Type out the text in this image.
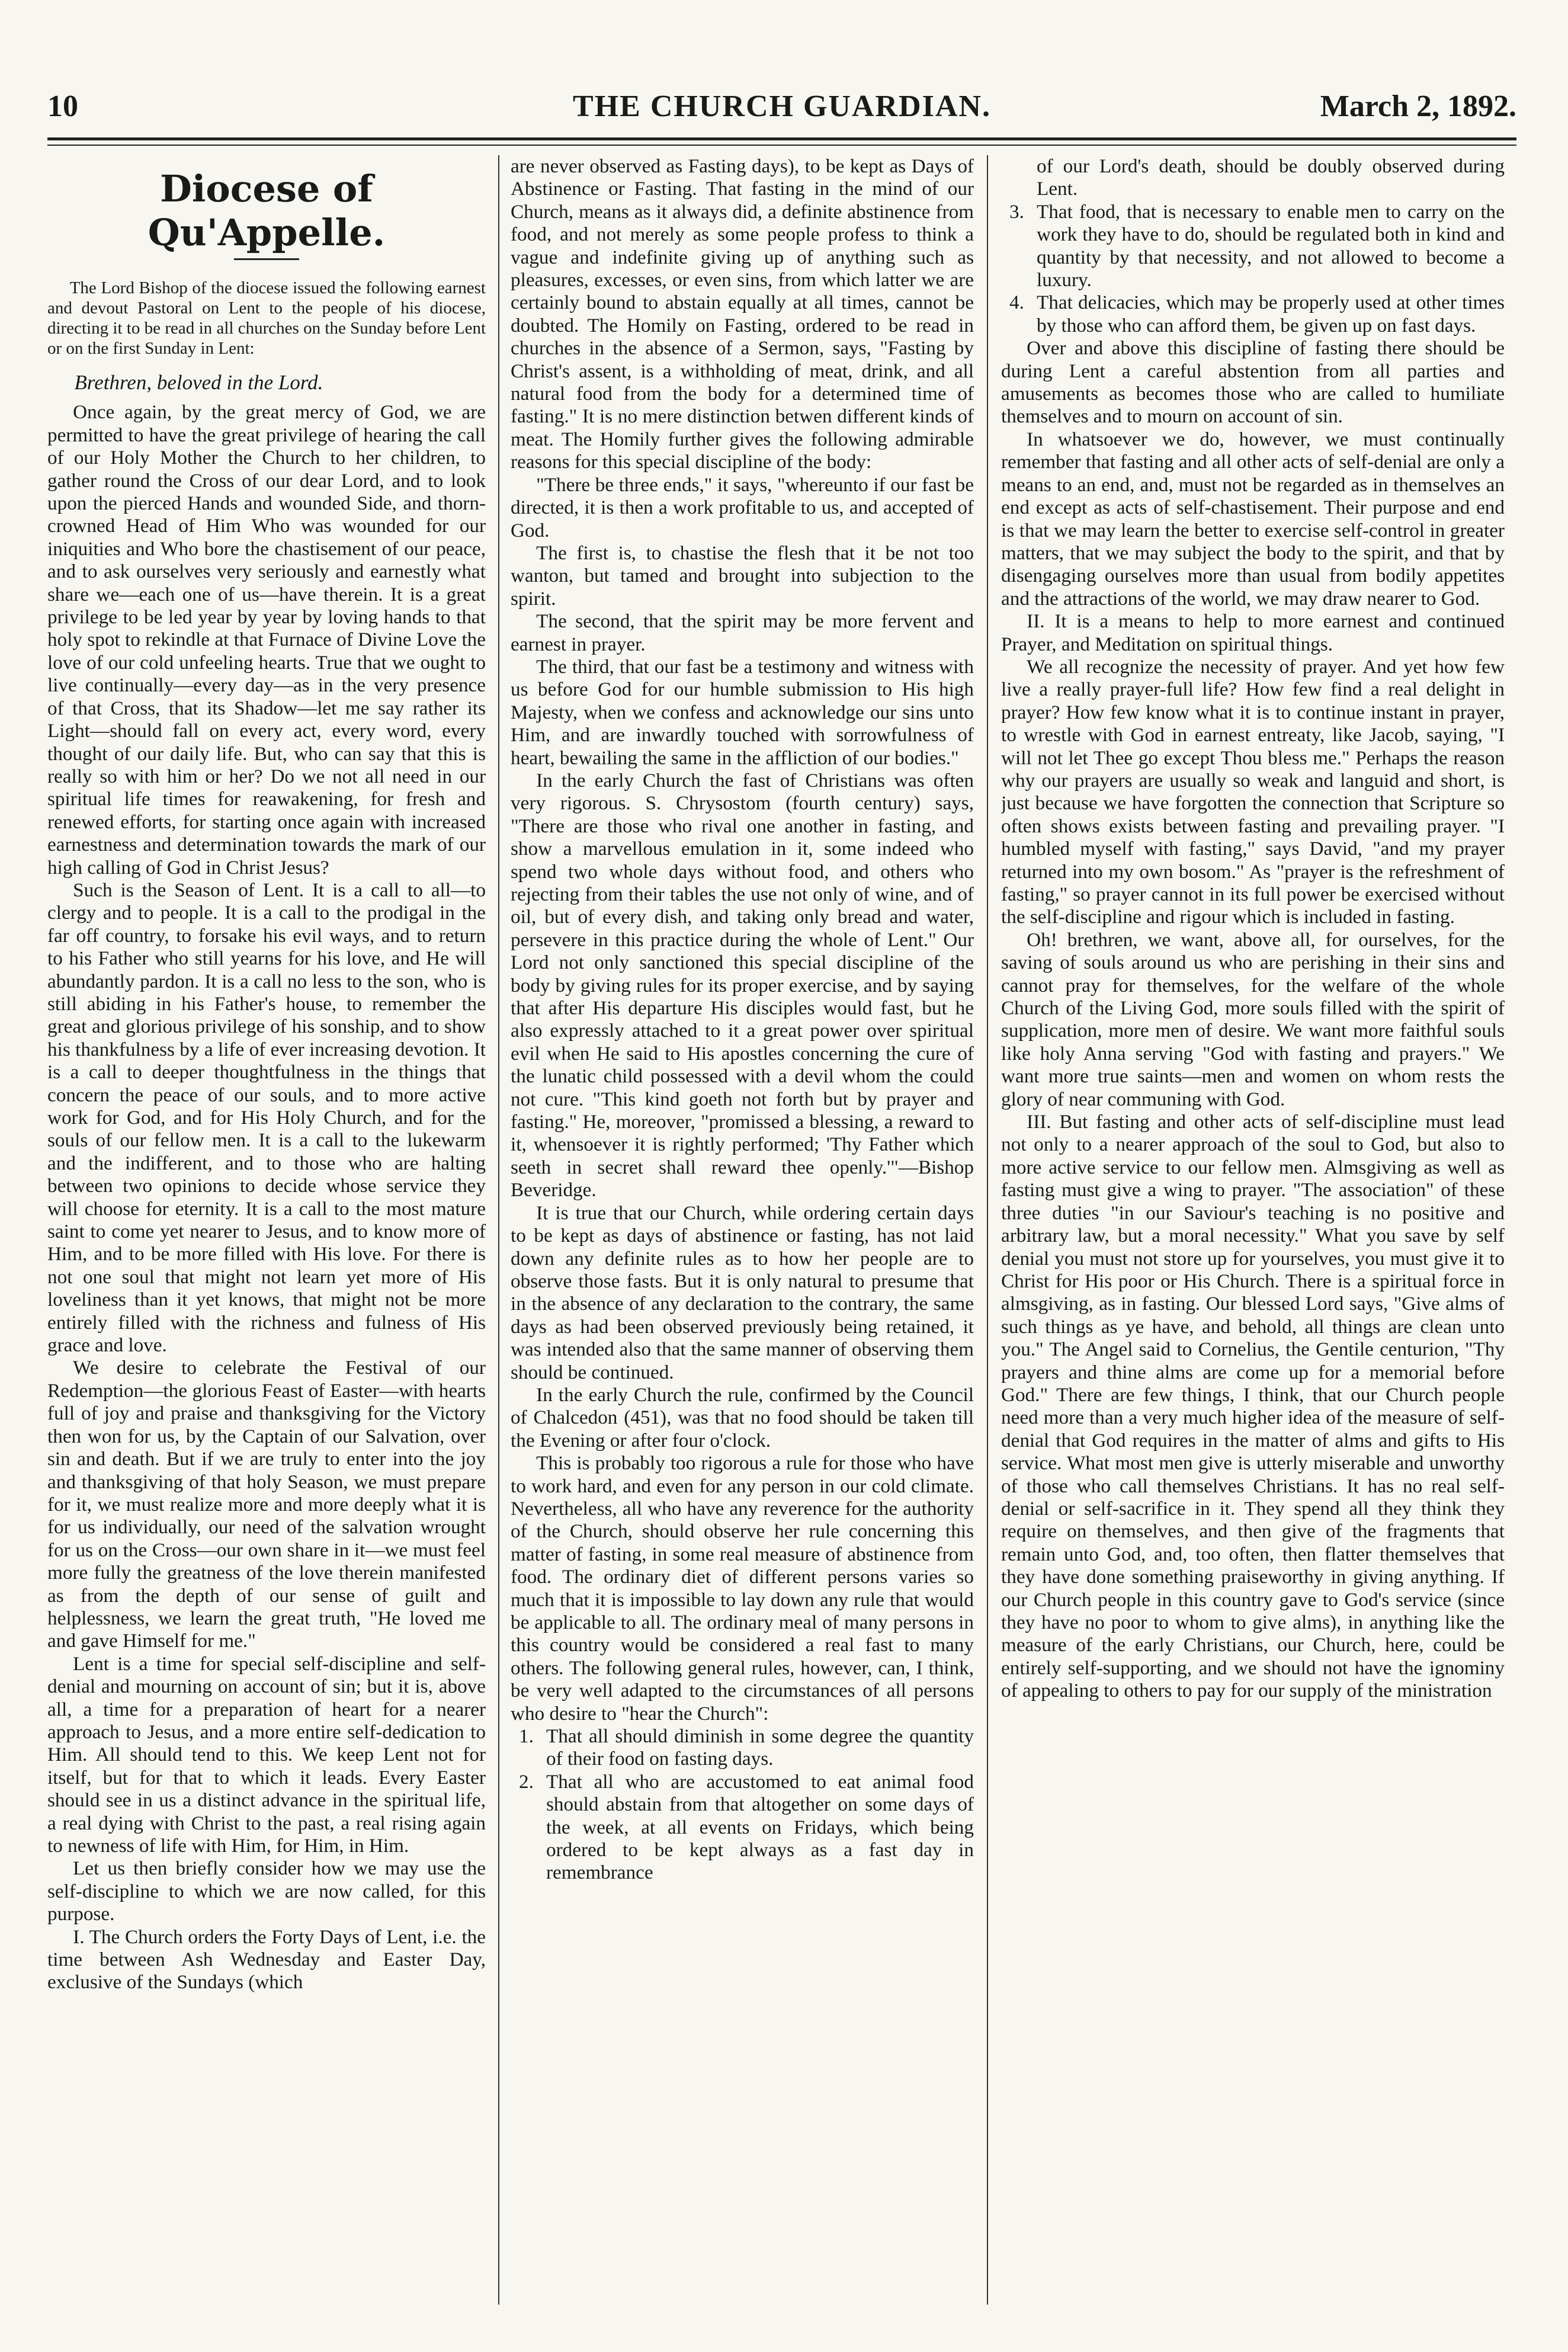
10	THE CHURCH GUARDIAN.	March 2, 1892.
Diocese of Qu'Appelle.

The Lord Bishop of the diocese issued the following earnest and devout Pastoral on Lent to the people of his diocese, directing it to be read in all churches on the Sunday before Lent or on the first Sunday in Lent:

Brethren, beloved in the Lord.

Once again, by the great mercy of God, we are permitted to have the great privilege of hearing the call of our Holy Mother the Church to her children, to gather round the Cross of our dear Lord, and to look upon the pierced Hands and wounded Side, and thorn-crowned Head of Him Who was wounded for our iniquities and Who bore the chastisement of our peace, and to ask ourselves very seriously and earnestly what share we—each one of us—have therein. It is a great privilege to be led year by year by loving hands to that holy spot to rekindle at that Furnace of Divine Love the love of our cold unfeeling hearts. True that we ought to live continually—every day—as in the very presence of that Cross, that its Shadow—let me say rather its Light—should fall on every act, every word, every thought of our daily life. But, who can say that this is really so with him or her? Do we not all need in our spiritual life times for reawakening, for fresh and renewed efforts, for starting once again with increased earnestness and determination towards the mark of our high calling of God in Christ Jesus?

Such is the Season of Lent. It is a call to all—to clergy and to people. It is a call to the prodigal in the far off country, to forsake his evil ways, and to return to his Father who still yearns for his love, and He will abundantly pardon. It is a call no less to the son, who is still abiding in his Father's house, to remember the great and glorious privilege of his sonship, and to show his thankfulness by a life of ever increasing devotion. It is a call to deeper thoughtfulness in the things that concern the peace of our souls, and to more active work for God, and for His Holy Church, and for the souls of our fellow men. It is a call to the lukewarm and the indifferent, and to those who are halting between two opinions to decide whose service they will choose for eternity. It is a call to the most mature saint to come yet nearer to Jesus, and to know more of Him, and to be more filled with His love. For there is not one soul that might not learn yet more of His loveliness than it yet knows, that might not be more entirely filled with the richness and fulness of His grace and love.

We desire to celebrate the Festival of our Redemption—the glorious Feast of Easter—with hearts full of joy and praise and thanksgiving for the Victory then won for us, by the Captain of our Salvation, over sin and death. But if we are truly to enter into the joy and thanksgiving of that holy Season, we must prepare for it, we must realize more and more deeply what it is for us individually, our need of the salvation wrought for us on the Cross—our own share in it—we must feel more fully the greatness of the love therein manifested as from the depth of our sense of guilt and helplessness, we learn the great truth, "He loved me and gave Himself for me."

Lent is a time for special self-discipline and self-denial and mourning on account of sin; but it is, above all, a time for a preparation of heart for a nearer approach to Jesus, and a more entire self-dedication to Him. All should tend to this. We keep Lent not for itself, but for that to which it leads. Every Easter should see in us a distinct advance in the spiritual life, a real dying with Christ to the past, a real rising again to newness of life with Him, for Him, in Him.

Let us then briefly consider how we may use the self-discipline to which we are now called, for this purpose.

I. The Church orders the Forty Days of Lent, i.e. the time between Ash Wednesday and Easter Day, exclusive of the Sundays (which

are never observed as Fasting days), to be kept as Days of Abstinence or Fasting. That fasting in the mind of our Church, means as it always did, a definite abstinence from food, and not merely as some people profess to think a vague and indefinite giving up of anything such as pleasures, excesses, or even sins, from which latter we are certainly bound to abstain equally at all times, cannot be doubted. The Homily on Fasting, ordered to be read in churches in the absence of a Sermon, says, "Fasting by Christ's assent, is a withholding of meat, drink, and all natural food from the body for a determined time of fasting." It is no mere distinction betwen different kinds of meat. The Homily further gives the following admirable reasons for this special discipline of the body:

"There be three ends," it says, "whereunto if our fast be directed, it is then a work profitable to us, and accepted of God.

The first is, to chastise the flesh that it be not too wanton, but tamed and brought into subjection to the spirit.

The second, that the spirit may be more fervent and earnest in prayer.

The third, that our fast be a testimony and witness with us before God for our humble submission to His high Majesty, when we confess and acknowledge our sins unto Him, and are inwardly touched with sorrowfulness of heart, bewailing the same in the affliction of our bodies."

In the early Church the fast of Christians was often very rigorous. S. Chrysostom (fourth century) says, "There are those who rival one another in fasting, and show a marvellous emulation in it, some indeed who spend two whole days without food, and others who rejecting from their tables the use not only of wine, and of oil, but of every dish, and taking only bread and water, persevere in this practice during the whole of Lent." Our Lord not only sanctioned this special discipline of the body by giving rules for its proper exercise, and by saying that after His departure His disciples would fast, but he also expressly attached to it a great power over spiritual evil when He said to His apostles concerning the cure of the lunatic child possessed with a devil whom the could not cure. "This kind goeth not forth but by prayer and fasting." He, moreover, "promissed a blessing, a reward to it, whensoever it is rightly performed; 'Thy Father which seeth in secret shall reward thee openly.'"—Bishop Beveridge.

It is true that our Church, while ordering certain days to be kept as days of abstinence or fasting, has not laid down any definite rules as to how her people are to observe those fasts. But it is only natural to presume that in the absence of any declaration to the contrary, the same days as had been observed previously being retained, it was intended also that the same manner of observing them should be continued.

In the early Church the rule, confirmed by the Council of Chalcedon (451), was that no food should be taken till the Evening or after four o'clock.

This is probably too rigorous a rule for those who have to work hard, and even for any person in our cold climate. Nevertheless, all who have any reverence for the authority of the Church, should observe her rule concerning this matter of fasting, in some real measure of abstinence from food. The ordinary diet of different persons varies so much that it is impossible to lay down any rule that would be applicable to all. The ordinary meal of many persons in this country would be considered a real fast to many others. The following general rules, however, can, I think, be very well adapted to the circumstances of all persons who desire to "hear the Church":

1. That all should diminish in some degree the quantity of their food on fasting days.
2. That all who are accustomed to eat animal food should abstain from that altogether on some days of the week, at all events on Fridays, which being ordered to be kept always as a fast day in remembrance
of our Lord's death, should be doubly observed during Lent.
3. That food, that is necessary to enable men to carry on the work they have to do, should be regulated both in kind and quantity by that necessity, and not allowed to become a luxury.
4. That delicacies, which may be properly used at other times by those who can afford them, be given up on fast days.

Over and above this discipline of fasting there should be during Lent a careful abstention from all parties and amusements as becomes those who are called to humiliate themselves and to mourn on account of sin.

In whatsoever we do, however, we must continually remember that fasting and all other acts of self-denial are only a means to an end, and, must not be regarded as in themselves an end except as acts of self-chastisement. Their purpose and end is that we may learn the better to exercise self-control in greater matters, that we may subject the body to the spirit, and that by disengaging ourselves more than usual from bodily appetites and the attractions of the world, we may draw nearer to God.

II. It is a means to help to more earnest and continued Prayer, and Meditation on spiritual things.

We all recognize the necessity of prayer. And yet how few live a really prayer-full life? How few find a real delight in prayer? How few know what it is to continue instant in prayer, to wrestle with God in earnest entreaty, like Jacob, saying, "I will not let Thee go except Thou bless me." Perhaps the reason why our prayers are usually so weak and languid and short, is just because we have forgotten the connection that Scripture so often shows exists between fasting and prevailing prayer. "I humbled myself with fasting," says David, "and my prayer returned into my own bosom." As "prayer is the refreshment of fasting," so prayer cannot in its full power be exercised without the self-discipline and rigour which is included in fasting.

Oh! brethren, we want, above all, for ourselves, for the saving of souls around us who are perishing in their sins and cannot pray for themselves, for the welfare of the whole Church of the Living God, more souls filled with the spirit of supplication, more men of desire. We want more faithful souls like holy Anna serving "God with fasting and prayers." We want more true saints—men and women on whom rests the glory of near communing with God.

III. But fasting and other acts of self-discipline must lead not only to a nearer approach of the soul to God, but also to more active service to our fellow men. Almsgiving as well as fasting must give a wing to prayer. "The association" of these three duties "in our Saviour's teaching is no positive and arbitrary law, but a moral necessity." What you save by self denial you must not store up for yourselves, you must give it to Christ for His poor or His Church. There is a spiritual force in almsgiving, as in fasting. Our blessed Lord says, "Give alms of such things as ye have, and behold, all things are clean unto you." The Angel said to Cornelius, the Gentile centurion, "Thy prayers and thine alms are come up for a memorial before God." There are few things, I think, that our Church people need more than a very much higher idea of the measure of self-denial that God requires in the matter of alms and gifts to His service. What most men give is utterly miserable and unworthy of those who call themselves Christians. It has no real self-denial or self-sacrifice in it. They spend all they think they require on themselves, and then give of the fragments that remain unto God, and, too often, then flatter themselves that they have done something praiseworthy in giving anything. If our Church people in this country gave to God's service (since they have no poor to whom to give alms), in anything like the measure of the early Christians, our Church, here, could be entirely self-supporting, and we should not have the ignominy of appealing to others to pay for our supply of the ministration
